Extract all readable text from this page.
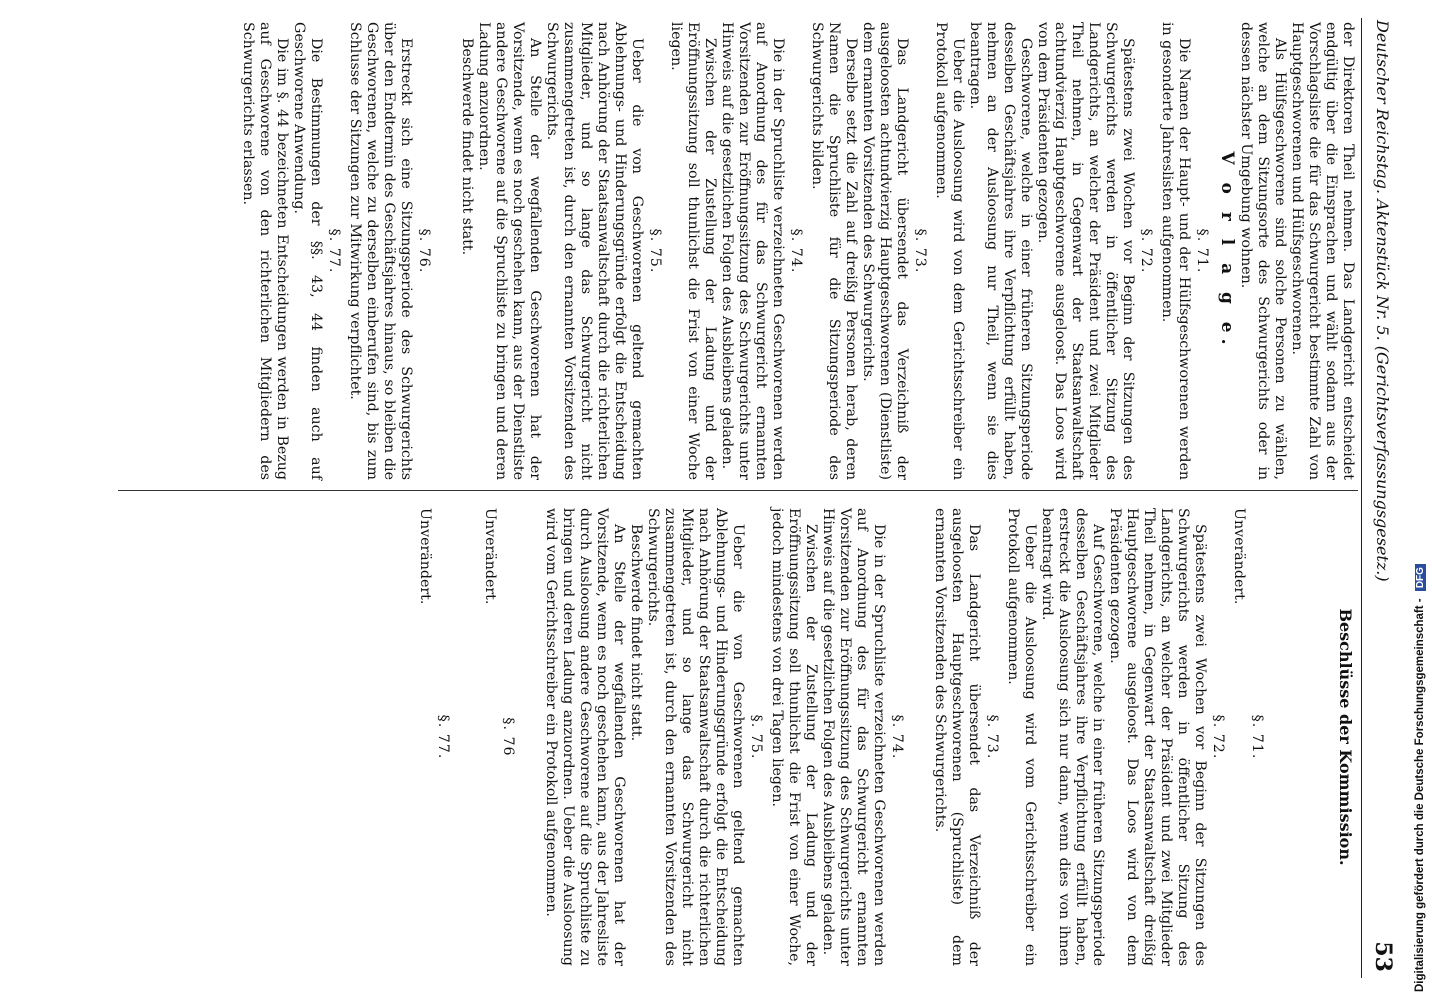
Deutscher Reichstag. Aktenstück Nr. 5. (Gerichtsverfassungsgesetz.)
53

der Direktoren Theil nehmen. Das Landgericht entscheidet endgültig über die Einsprachen und wählt sodann aus der Vorschlagsliste die für das Schwurgericht bestimmte Zahl von Hauptgeschworenen und Hülfsgeschworenen.

Als Hülfsgeschworene sind solche Personen zu wählen, welche an dem Sitzungsorte des Schwurgerichts oder in dessen nächster Umgebung wohnen.

V o r l a g e.
§. 71.

Die Namen der Haupt- und der Hülfsgeschworenen werden in gesonderte Jahreslisten aufgenommen.

§. 72.

Spätestens zwei Wochen vor Beginn der Sitzungen des Schwurgerichts werden in öffentlicher Sitzung des Landgerichts, an welcher der Präsident und zwei Mitglieder Theil nehmen, in Gegenwart der Staatsanwaltschaft achtundvierzig Hauptgeschworene ausgeloost. Das Loos wird von dem Präsidenten gezogen.

Geschworene, welche in einer früheren Sitzungsperiode desselben Geschäftsjahres ihre Verpflichtung erfüllt haben, nehmen an der Ausloosung nur Theil, wenn sie dies beantragen.

Ueber die Ausloosung wird von dem Gerichtsschreiber ein Protokoll aufgenommen.

§. 73.

Das Landgericht übersendet das Verzeichniß der ausgeloosten achtundvierzig Hauptgeschworenen (Dienstliste) dem ernannten Vorsitzenden des Schwurgerichts.

Derselbe setzt die Zahl auf dreißig Personen herab, deren Namen die Spruchliste für die Sitzungsperiode des Schwurgerichts bilden.

§. 74.

Die in der Spruchliste verzeichneten Geschworenen werden auf Anordnung des für das Schwurgericht ernannten Vorsitzenden zur Eröffnungssitzung des Schwurgerichts unter Hinweis auf die gesetzlichen Folgen des Ausbleibens geladen.

Zwischen der Zustellung der Ladung und der Eröffnungssitzung soll thunlichst die Frist von einer Woche liegen.

§. 75.

Ueber die von Geschworenen geltend gemachten Ablehnungs- und Hinderungsgründe erfolgt die Entscheidung nach Anhörung der Staatsanwaltschaft durch die richterlichen Mitglieder, und so lange das Schwurgericht nicht zusammengetreten ist, durch den ernannten Vorsitzenden des Schwurgerichts.

An Stelle der wegfallenden Geschworenen hat der Vorsitzende, wenn es noch geschehen kann, aus der Dienstliste andere Geschworene auf die Spruchliste zu bringen und deren Ladung anzuordnen.

Beschwerde findet nicht statt.

§. 76.

Erstreckt sich eine Sitzungsperiode des Schwurgerichts über den Endtermin des Geschäftsjahres hinaus, so bleiben die Geschworenen, welche zu derselben einberufen sind, bis zum Schlusse der Sitzungen zur Mitwirkung verpflichtet.

§. 77.

Die Bestimmungen der §§. 43, 44 finden auch auf Geschworene Anwendung.

Die im §. 44 bezeichneten Entscheidungen werden in Bezug auf Geschworene von den richterlichen Mitgliedern des Schwurgerichts erlassen.

Beschlüsse der Kommission.
§. 71.

Unverändert.

§. 72.

Spätestens zwei Wochen vor Beginn der Sitzungen des Schwurgerichts werden in öffentlicher Sitzung des Landgerichts, an welcher der Präsident und zwei Mitglieder Theil nehmen, in Gegenwart der Staatsanwaltschaft dreißig Hauptgeschworene ausgeloost. Das Loos wird von dem Präsidenten gezogen.

Auf Geschworene, welche in einer früheren Sitzungsperiode desselben Geschäftsjahres ihre Verpflichtung erfüllt haben, erstreckt die Ausloosung sich nur dann, wenn dies von ihnen beantragt wird.

Ueber die Ausloosung wird vom Gerichtsschreiber ein Protokoll aufgenommen.

§. 73.

Das Landgericht übersendet das Verzeichniß der ausgeloosten Hauptgeschworenen (Spruchliste) dem ernannten Vorsitzenden des Schwurgerichts.

§. 74.

Die in der Spruchliste verzeichneten Geschworenen werden auf Anordnung des für das Schwurgericht ernannten Vorsitzenden zur Eröffnungssitzung des Schwurgerichts unter Hinweis auf die gesetzlichen Folgen des Ausbleibens geladen.

Zwischen der Zustellung der Ladung und der Eröffnungssitzung soll thunlichst die Frist von einer Woche, jedoch mindestens von drei Tagen liegen.

§. 75.

Ueber die von Geschworenen geltend gemachten Ablehnungs- und Hinderungsgründe erfolgt die Entscheidung nach Anhörung der Staatsanwaltschaft durch die richterlichen Mitglieder, und so lange das Schwurgericht nicht zusammengetreten ist, durch den ernannten Vorsitzenden des Schwurgerichts.

Beschwerde findet nicht statt.

An Stelle der wegfallenden Geschworenen hat der Vorsitzende, wenn es noch geschehen kann, aus der Jahresliste durch Ausloosung andere Geschworene auf die Spruchliste zu bringen und deren Ladung anzuordnen. Ueber die Ausloosung wird vom Gerichtsschreiber ein Protokoll aufgenommen.

§. 76

Unverändert.

§. 77.

Unverändert.

Digitalisierung gefördert durch die Deutsche Forschungsgemeinschaft - DFG
